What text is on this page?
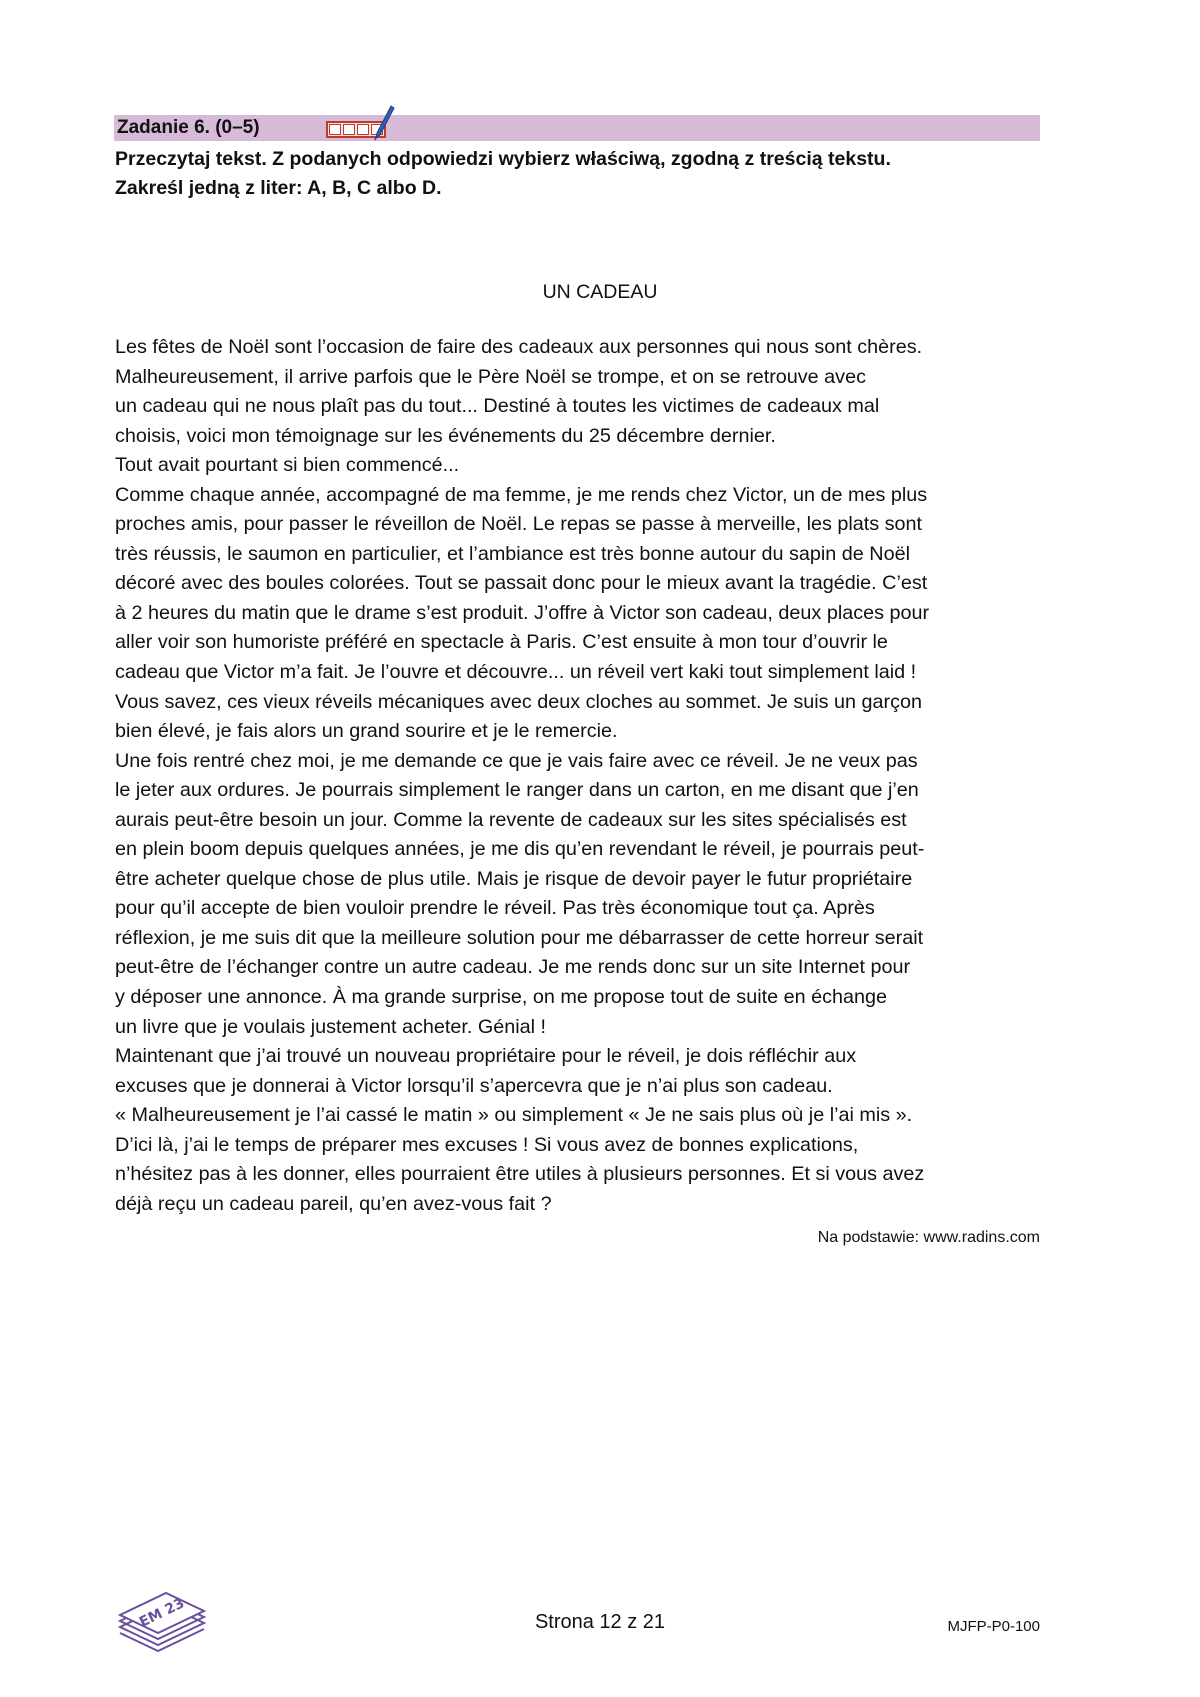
Zadanie 6. (0–5)
Przeczytaj tekst. Z podanych odpowiedzi wybierz właściwą, zgodną z treścią tekstu.
Zakreśl jedną z liter: A, B, C albo D.
UN CADEAU
Les fêtes de Noël sont l’occasion de faire des cadeaux aux personnes qui nous sont chères.
Malheureusement, il arrive parfois que le Père Noël se trompe, et on se retrouve avec
un cadeau qui ne nous plaît pas du tout... Destiné à toutes les victimes de cadeaux mal
choisis, voici mon témoignage sur les événements du 25 décembre dernier.
Tout avait pourtant si bien commencé...
Comme chaque année, accompagné de ma femme, je me rends chez Victor, un de mes plus
proches amis, pour passer le réveillon de Noël. Le repas se passe à merveille, les plats sont
très réussis, le saumon en particulier, et l’ambiance est très bonne autour du sapin de Noël
décoré avec des boules colorées. Tout se passait donc pour le mieux avant la tragédie. C’est
à 2 heures du matin que le drame s’est produit. J’offre à Victor son cadeau, deux places pour
aller voir son humoriste préféré en spectacle à Paris. C’est ensuite à mon tour d’ouvrir le
cadeau que Victor m’a fait. Je l’ouvre et découvre... un réveil vert kaki tout simplement laid !
Vous savez, ces vieux réveils mécaniques avec deux cloches au sommet. Je suis un garçon
bien élevé, je fais alors un grand sourire et je le remercie.
Une fois rentré chez moi, je me demande ce que je vais faire avec ce réveil. Je ne veux pas
le jeter aux ordures. Je pourrais simplement le ranger dans un carton, en me disant que j’en
aurais peut-être besoin un jour. Comme la revente de cadeaux sur les sites spécialisés est
en plein boom depuis quelques années, je me dis qu’en revendant le réveil, je pourrais peut-
être acheter quelque chose de plus utile. Mais je risque de devoir payer le futur propriétaire
pour qu’il accepte de bien vouloir prendre le réveil. Pas très économique tout ça. Après
réflexion, je me suis dit que la meilleure solution pour me débarrasser de cette horreur serait
peut-être de l’échanger contre un autre cadeau. Je me rends donc sur un site Internet pour
y déposer une annonce. À ma grande surprise, on me propose tout de suite en échange
un livre que je voulais justement acheter. Génial !
Maintenant que j’ai trouvé un nouveau propriétaire pour le réveil, je dois réfléchir aux
excuses que je donnerai à Victor lorsqu’il s’apercevra que je n’ai plus son cadeau.
« Malheureusement je l’ai cassé le matin » ou simplement « Je ne sais plus où je l’ai mis ».
D’ici là, j’ai le temps de préparer mes excuses ! Si vous avez de bonnes explications,
n’hésitez pas à les donner, elles pourraient être utiles à plusieurs personnes. Et si vous avez
déjà reçu un cadeau pareil, qu’en avez-vous fait ?
Na podstawie: www.radins.com
EM 23	Strona 12 z 21	MJFP-P0-100
